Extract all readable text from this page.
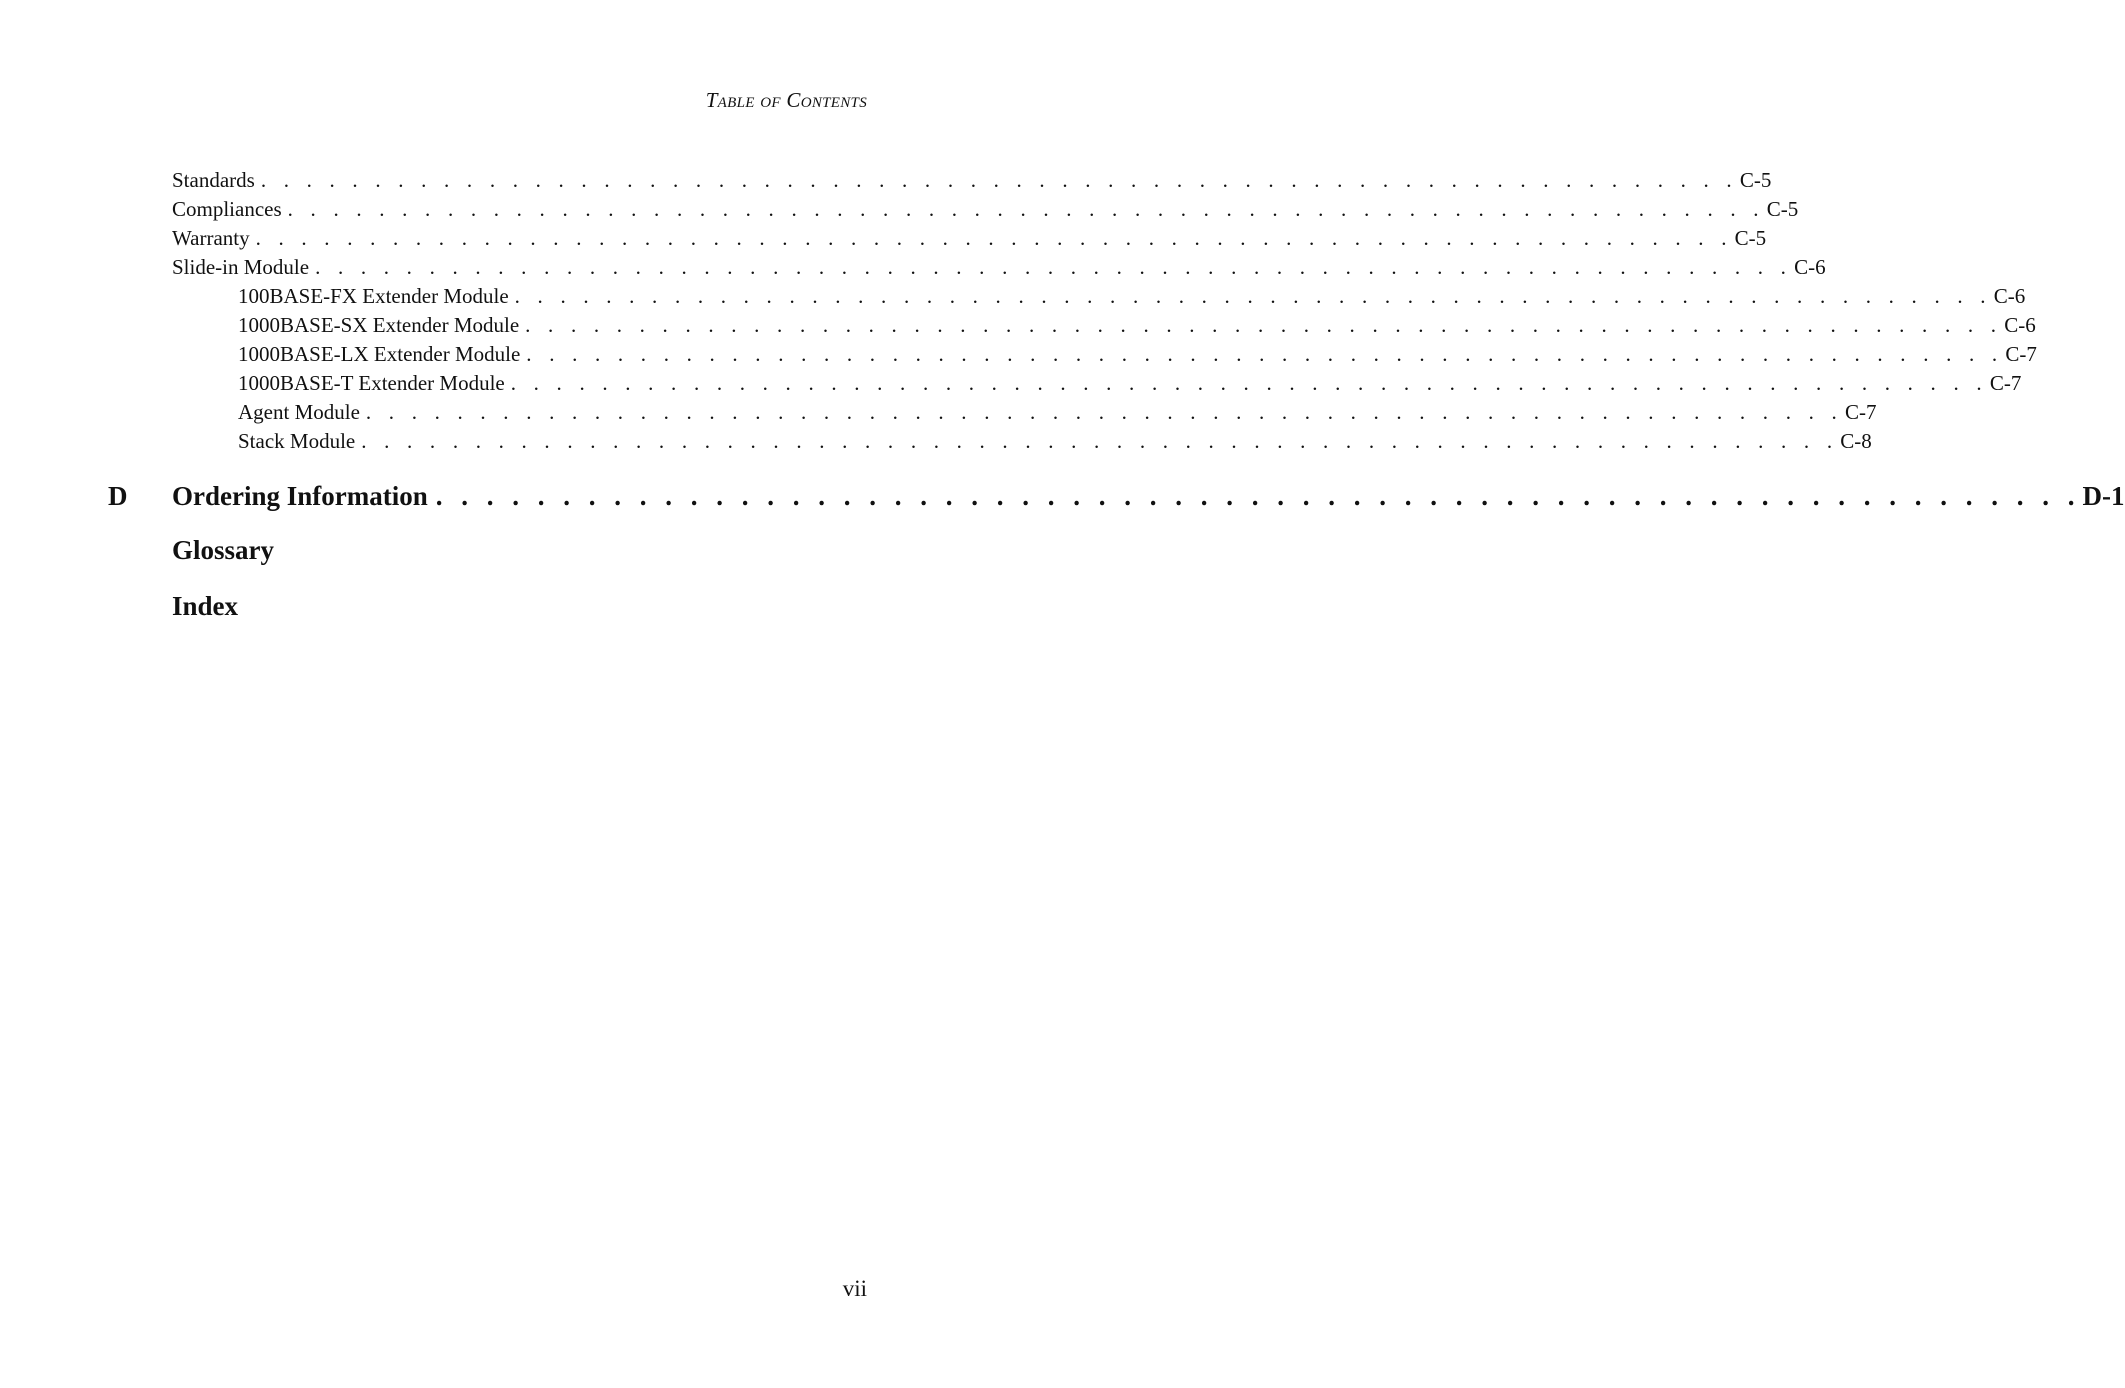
Table of Contents
Standards . . . . . . . . . . . . . . . . . . . . . . . . . . . . . . . . . . . . . . . . . . . . . . . . . . . . . . . . . . . . . . . . . C-5
Compliances . . . . . . . . . . . . . . . . . . . . . . . . . . . . . . . . . . . . . . . . . . . . . . . . . . . . . . . . . . . . . . . . . C-5
Warranty . . . . . . . . . . . . . . . . . . . . . . . . . . . . . . . . . . . . . . . . . . . . . . . . . . . . . . . . . . . . . . . . . C-5
Slide-in Module . . . . . . . . . . . . . . . . . . . . . . . . . . . . . . . . . . . . . . . . . . . . . . . . . . . . . . . . . . . . . . . . . C-6
100BASE-FX Extender Module . . . . . . . . . . . . . . . . . . . . . . . . . . . . . . . . . . . . . . . . . . . . . . . . . . . . . . . . . . . . . . . . . C-6
1000BASE-SX Extender Module . . . . . . . . . . . . . . . . . . . . . . . . . . . . . . . . . . . . . . . . . . . . . . . . . . . . . . . . . . . . . . . . . C-6
1000BASE-LX Extender Module . . . . . . . . . . . . . . . . . . . . . . . . . . . . . . . . . . . . . . . . . . . . . . . . . . . . . . . . . . . . . . . . . C-7
1000BASE-T Extender Module . . . . . . . . . . . . . . . . . . . . . . . . . . . . . . . . . . . . . . . . . . . . . . . . . . . . . . . . . . . . . . . . . C-7
Agent Module . . . . . . . . . . . . . . . . . . . . . . . . . . . . . . . . . . . . . . . . . . . . . . . . . . . . . . . . . . . . . . . . . C-7
Stack Module . . . . . . . . . . . . . . . . . . . . . . . . . . . . . . . . . . . . . . . . . . . . . . . . . . . . . . . . . . . . . . . . . C-8
D	Ordering Information . . . . . . . . . . . . . . . . . . . . . . . . . . . . . . . . . . . . . . . . . . . . . . . . . . . . . . . . . . . . . . . . . D-1
Glossary
Index
vii
